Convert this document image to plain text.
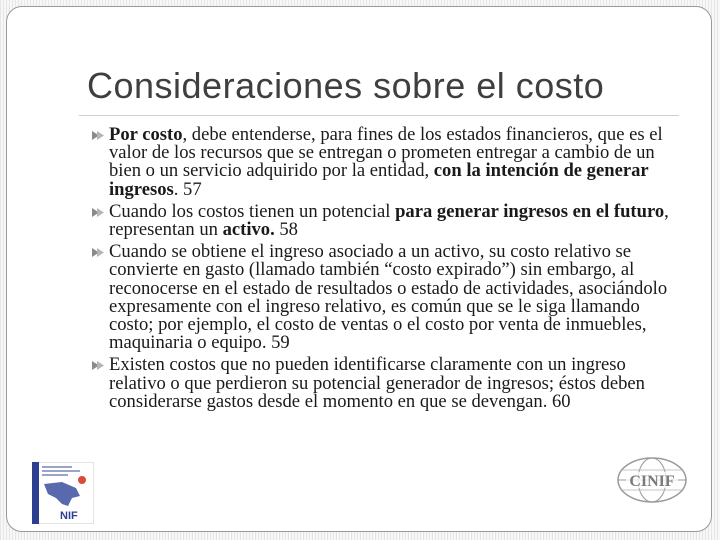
Consideraciones sobre el costo
Por costo, debe entenderse, para fines de los estados financieros, que es el valor de los recursos que se entregan o prometen entregar a cambio de un bien o un servicio adquirido por la entidad, con la intención de generar ingresos. 57
Cuando los costos tienen un potencial para generar ingresos en el futuro, representan un activo. 58
Cuando se obtiene el ingreso asociado a un activo, su costo relativo se convierte en gasto (llamado también “costo expirado”) sin embargo, al reconocerse en el estado de resultados o estado de actividades, asociándolo expresamente con el ingreso relativo, es común que se le siga llamando costo; por ejemplo, el costo de ventas o el costo por venta de inmuebles, maquinaria o equipo. 59
Existen costos que no pueden identificarse claramente con un ingreso relativo o que perdieron su potencial generador de ingresos; éstos deben considerarse gastos desde el momento en que se devengan. 60
NIF
CINIF
